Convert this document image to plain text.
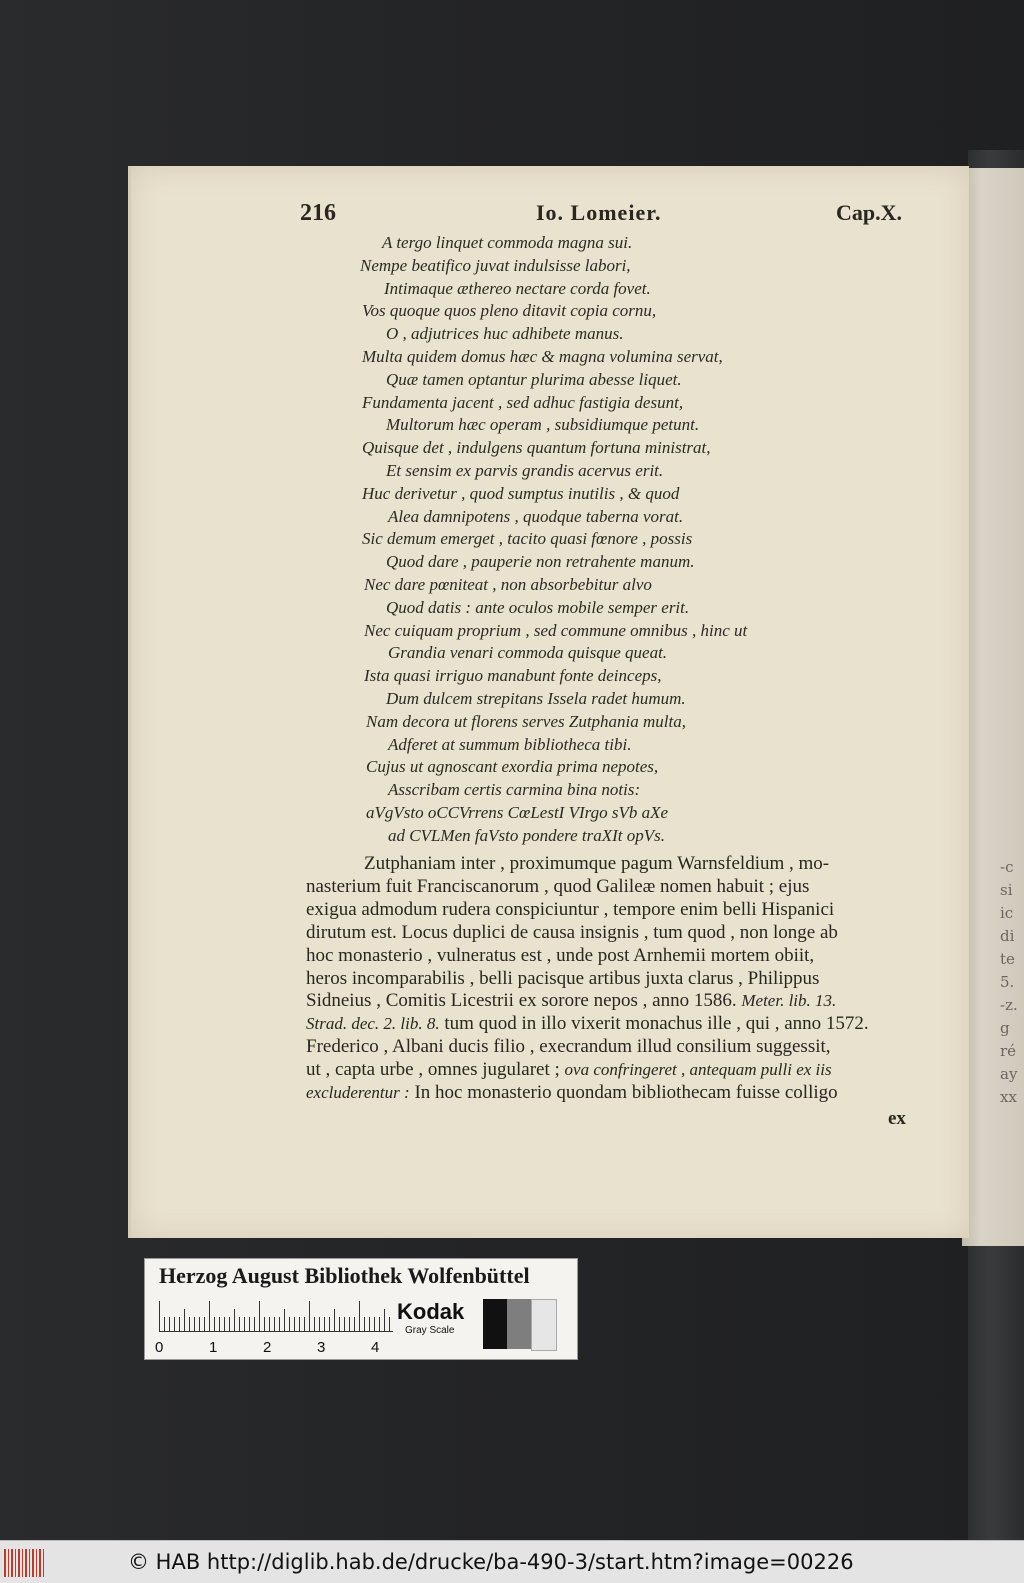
-c
si
ic
di
te
5.
-z.
g
ré
ay
xx
216	Io. Lomeier.	Cap.X.
A tergo linquet commoda magna sui.
Nempe beatifico juvat indulsisse labori,
Intimaque æthereo nectare corda fovet.
Vos quoque quos pleno ditavit copia cornu,
O , adjutrices huc adhibete manus.
Multa quidem domus hæc & magna volumina servat,
Quæ tamen optantur plurima abesse liquet.
Fundamenta jacent , sed adhuc fastigia desunt,
Multorum hæc operam , subsidiumque petunt.
Quisque det , indulgens quantum fortuna ministrat,
Et sensim ex parvis grandis acervus erit.
Huc derivetur , quod sumptus inutilis , & quod
Alea damnipotens , quodque taberna vorat.
Sic demum emerget , tacito quasi fœnore , possis
Quod dare , pauperie non retrahente manum.
Nec dare pœniteat , non absorbebitur alvo
Quod datis : ante oculos mobile semper erit.
Nec cuiquam proprium , sed commune omnibus , hinc ut
Grandia venari commoda quisque queat.
Ista quasi irriguo manabunt fonte deinceps,
Dum dulcem strepitans Issela radet humum.
Nam decora ut florens serves Zutphania multa,
Adferet at summum bibliotheca tibi.
Cujus ut agnoscant exordia prima nepotes,
Asscribam certis carmina bina notis:
aVgVsto oCCVrrens CœLestI VIrgo sVb aXe
ad CVLMen faVsto pondere traXIt opVs.
Zutphaniam inter , proximumque pagum Warnsfeldium , mo-
nasterium fuit Franciscanorum , quod Galileæ nomen habuit ; ejus
exigua admodum rudera conspiciuntur , tempore enim belli Hispanici
dirutum est. Locus duplici de causa insignis , tum quod , non longe ab
hoc monasterio , vulneratus est , unde post Arnhemii mortem obiit,
heros incomparabilis , belli pacisque artibus juxta clarus , Philippus
Sidneius , Comitis Licestrii ex sorore nepos , anno 1586. Meter. lib. 13.
Strad. dec. 2. lib. 8. tum quod in illo vixerit monachus ille , qui , anno 1572.
Frederico , Albani ducis filio , execrandum illud consilium suggessit,
ut , capta urbe , omnes jugularet ; ova confringeret , antequam pulli ex iis
excluderentur : In hoc monasterio quondam bibliothecam fuisse colligo
ex
Herzog August Bibliothek Wolfenbüttel
0	1	2	3	4
Kodak
Gray Scale
© HAB http://diglib.hab.de/drucke/ba-490-3/start.htm?image=00226
